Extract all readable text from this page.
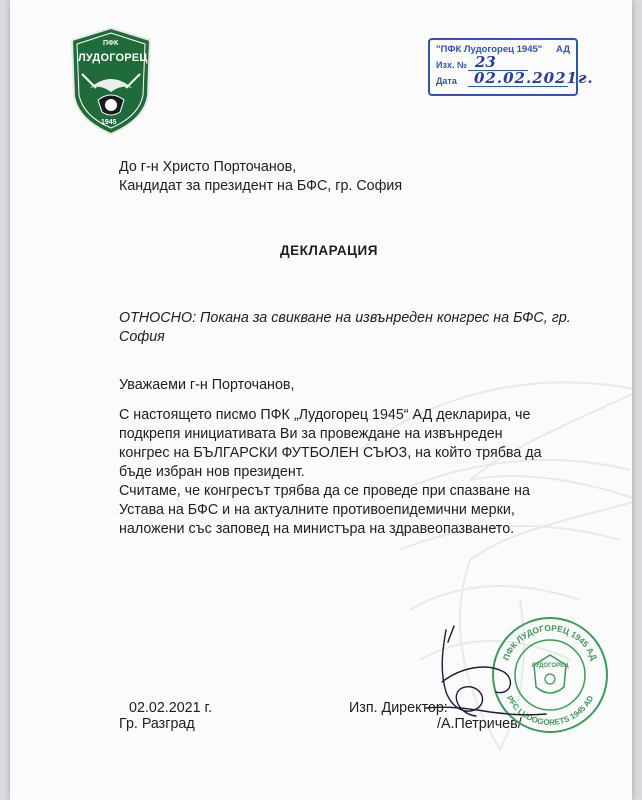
ПФК
ЛУДОГОРЕЦ
1945
"ПФК Лудогорец 1945" АД
Изх. № 23
Дата 02.02.2021г.
До г-н Христо Порточанов,
Кандидат за президент на БФС, гр. София
ДЕКЛАРАЦИЯ
ОТНОСНО: Покана за свикване на извънреден конгрес на БФС, гр.
София
Уважаеми г-н Порточанов,
С настоящето писмо ПФК „Лудогорец 1945“ АД декларира, че
подкрепя инициативата Ви за провеждане на извънреден
конгрес на БЪЛГАРСКИ ФУТБОЛЕН СЪЮЗ, на който трябва да
бъде избран нов президент.
Считаме, че конгресът трябва да се проведе при спазване на
Устава на БФС и на актуалните противоепидемични мерки,
наложени със заповед на министъра на здравеопазването.
02.02.2021 г.
Гр. Разград
Изп. Директор:
/А.Петричев/
ПФК ЛУДОГОРЕЦ 1945 АД
PFC LUDOGORETS 1945 AD
ЛУДОГОРЕЦ
